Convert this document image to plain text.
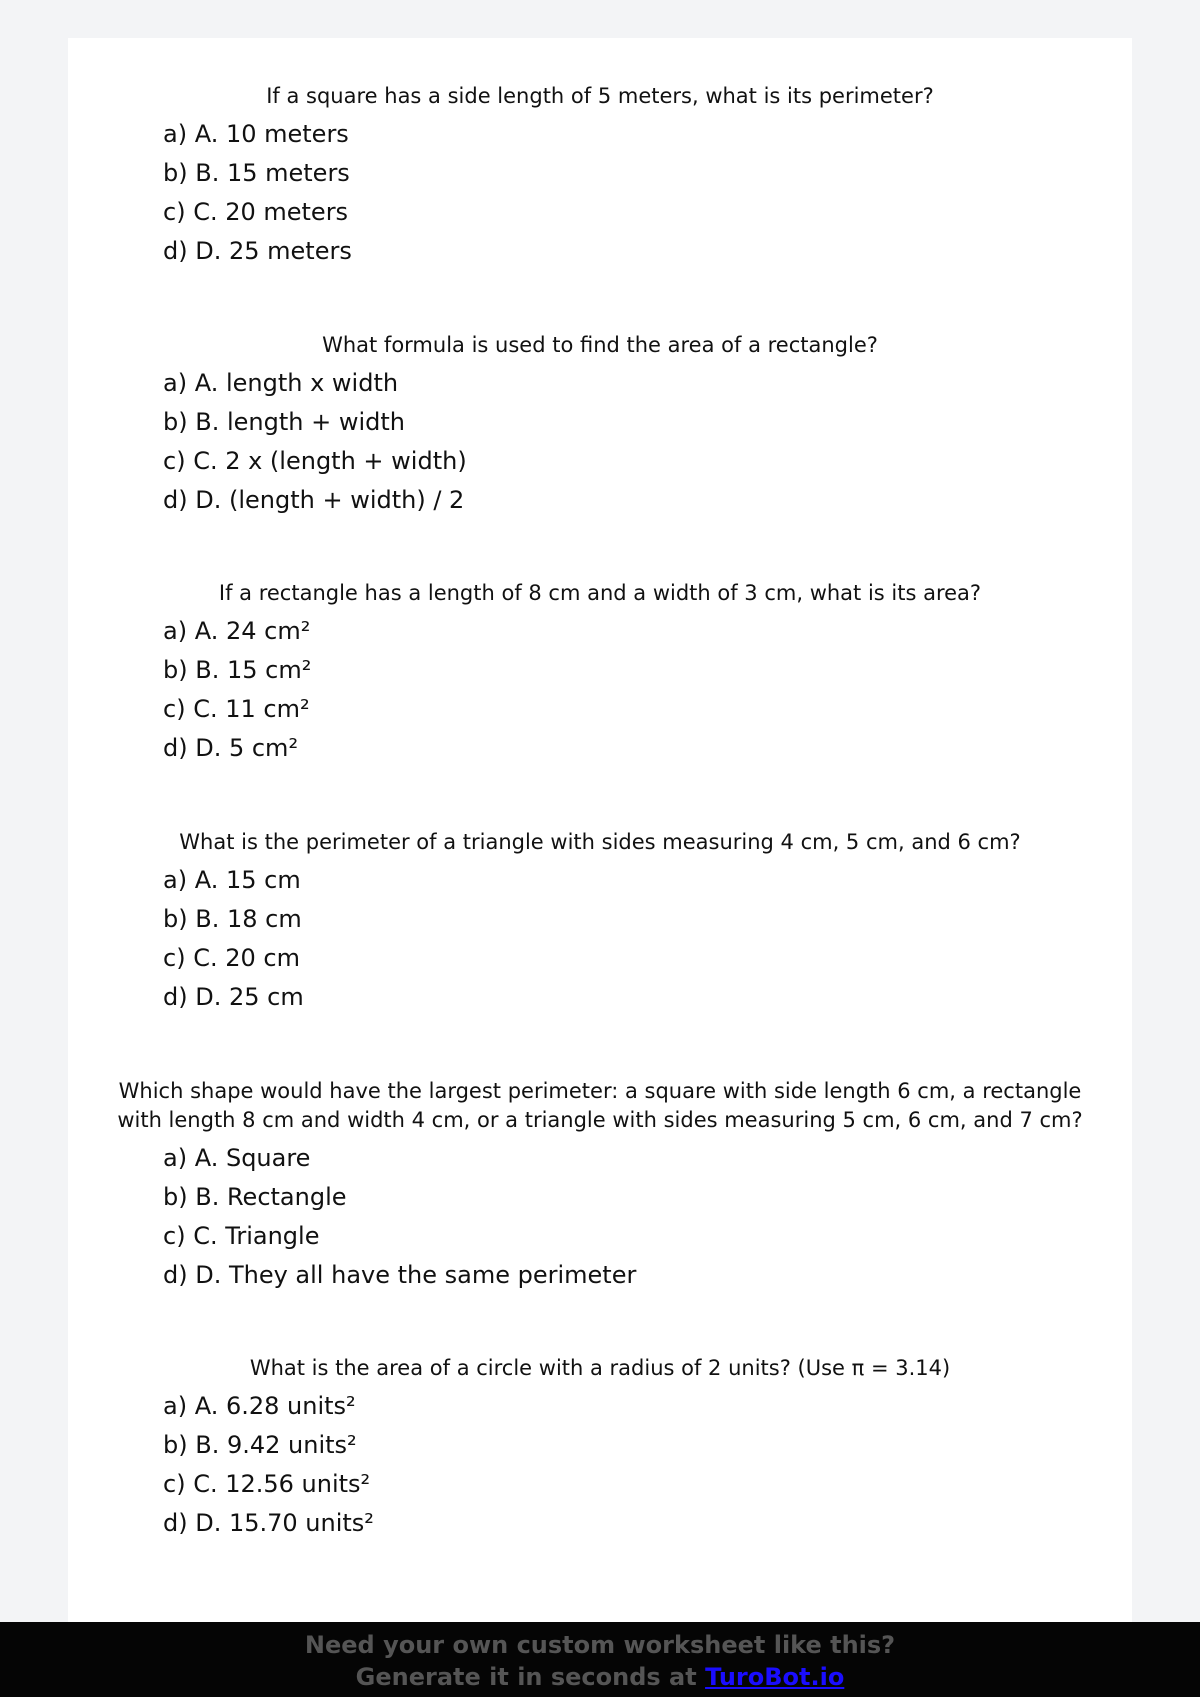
If a square has a side length of 5 meters, what is its perimeter?

a) A. 10 meters
b) B. 15 meters
c) C. 20 meters
d) D. 25 meters

What formula is used to find the area of a rectangle?

a) A. length x width
b) B. length + width
c) C. 2 x (length + width)
d) D. (length + width) / 2

If a rectangle has a length of 8 cm and a width of 3 cm, what is its area?

a) A. 24 cm²
b) B. 15 cm²
c) C. 11 cm²
d) D. 5 cm²

What is the perimeter of a triangle with sides measuring 4 cm, 5 cm, and 6 cm?

a) A. 15 cm
b) B. 18 cm
c) C. 20 cm
d) D. 25 cm

Which shape would have the largest perimeter: a square with side length 6 cm, a rectangle with length 8 cm and width 4 cm, or a triangle with sides measuring 5 cm, 6 cm, and 7 cm?

a) A. Square
b) B. Rectangle
c) C. Triangle
d) D. They all have the same perimeter

What is the area of a circle with a radius of 2 units? (Use π = 3.14)

a) A. 6.28 units²
b) B. 9.42 units²
c) C. 12.56 units²
d) D. 15.70 units²
Need your own custom worksheet like this?
Generate it in seconds at TuroBot.io
